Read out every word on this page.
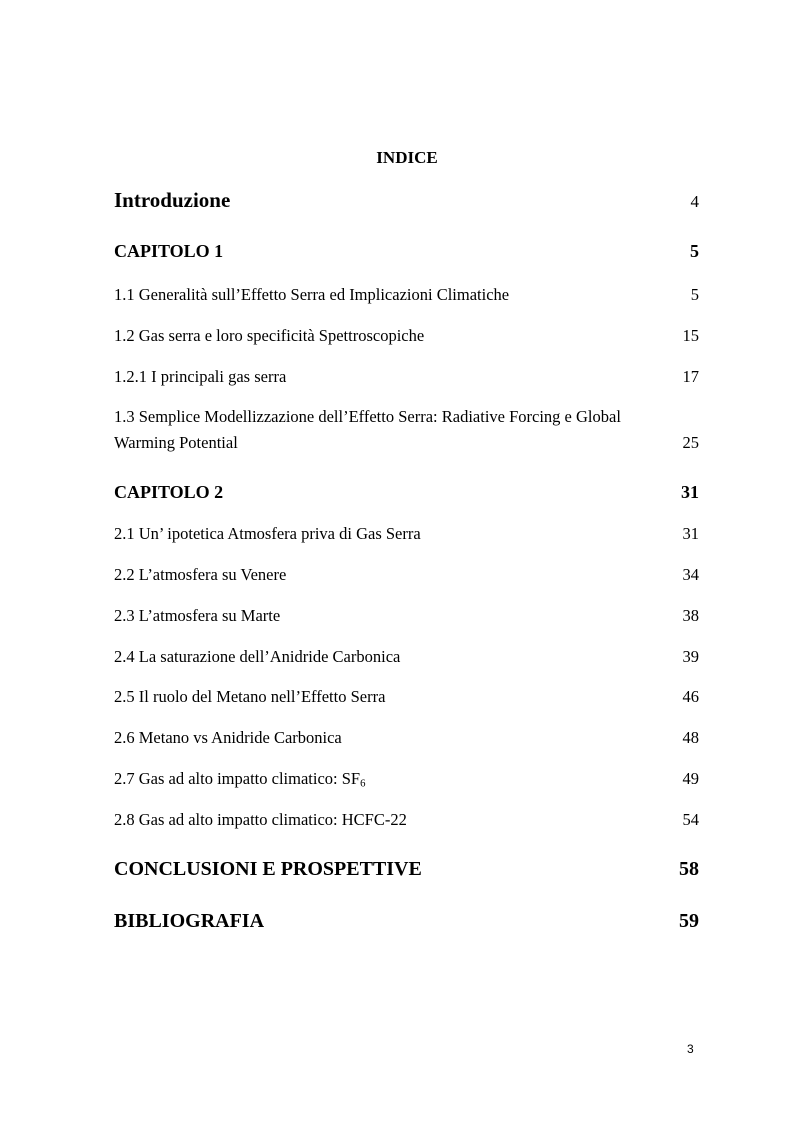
INDICE
Introduzione	4
CAPITOLO 1	5
1.1 Generalità sull’Effetto Serra ed Implicazioni Climatiche	5
1.2 Gas serra e loro specificità Spettroscopiche	15
1.2.1 I principali gas serra	17
1.3 Semplice Modellizzazione dell’Effetto Serra: Radiative Forcing e Global
Warming Potential	25
CAPITOLO 2	31
2.1 Un’ ipotetica Atmosfera priva di Gas Serra	31
2.2 L’atmosfera su Venere	34
2.3 L’atmosfera su Marte	38
2.4 La saturazione dell’Anidride Carbonica	39
2.5 Il ruolo del Metano nell’Effetto Serra	46
2.6 Metano vs Anidride Carbonica	48
2.7 Gas ad alto impatto climatico: $SF_6$	49
2.8 Gas ad alto impatto climatico: HCFC-22	54
CONCLUSIONI E PROSPETTIVE	58
BIBLIOGRAFIA	59
3
